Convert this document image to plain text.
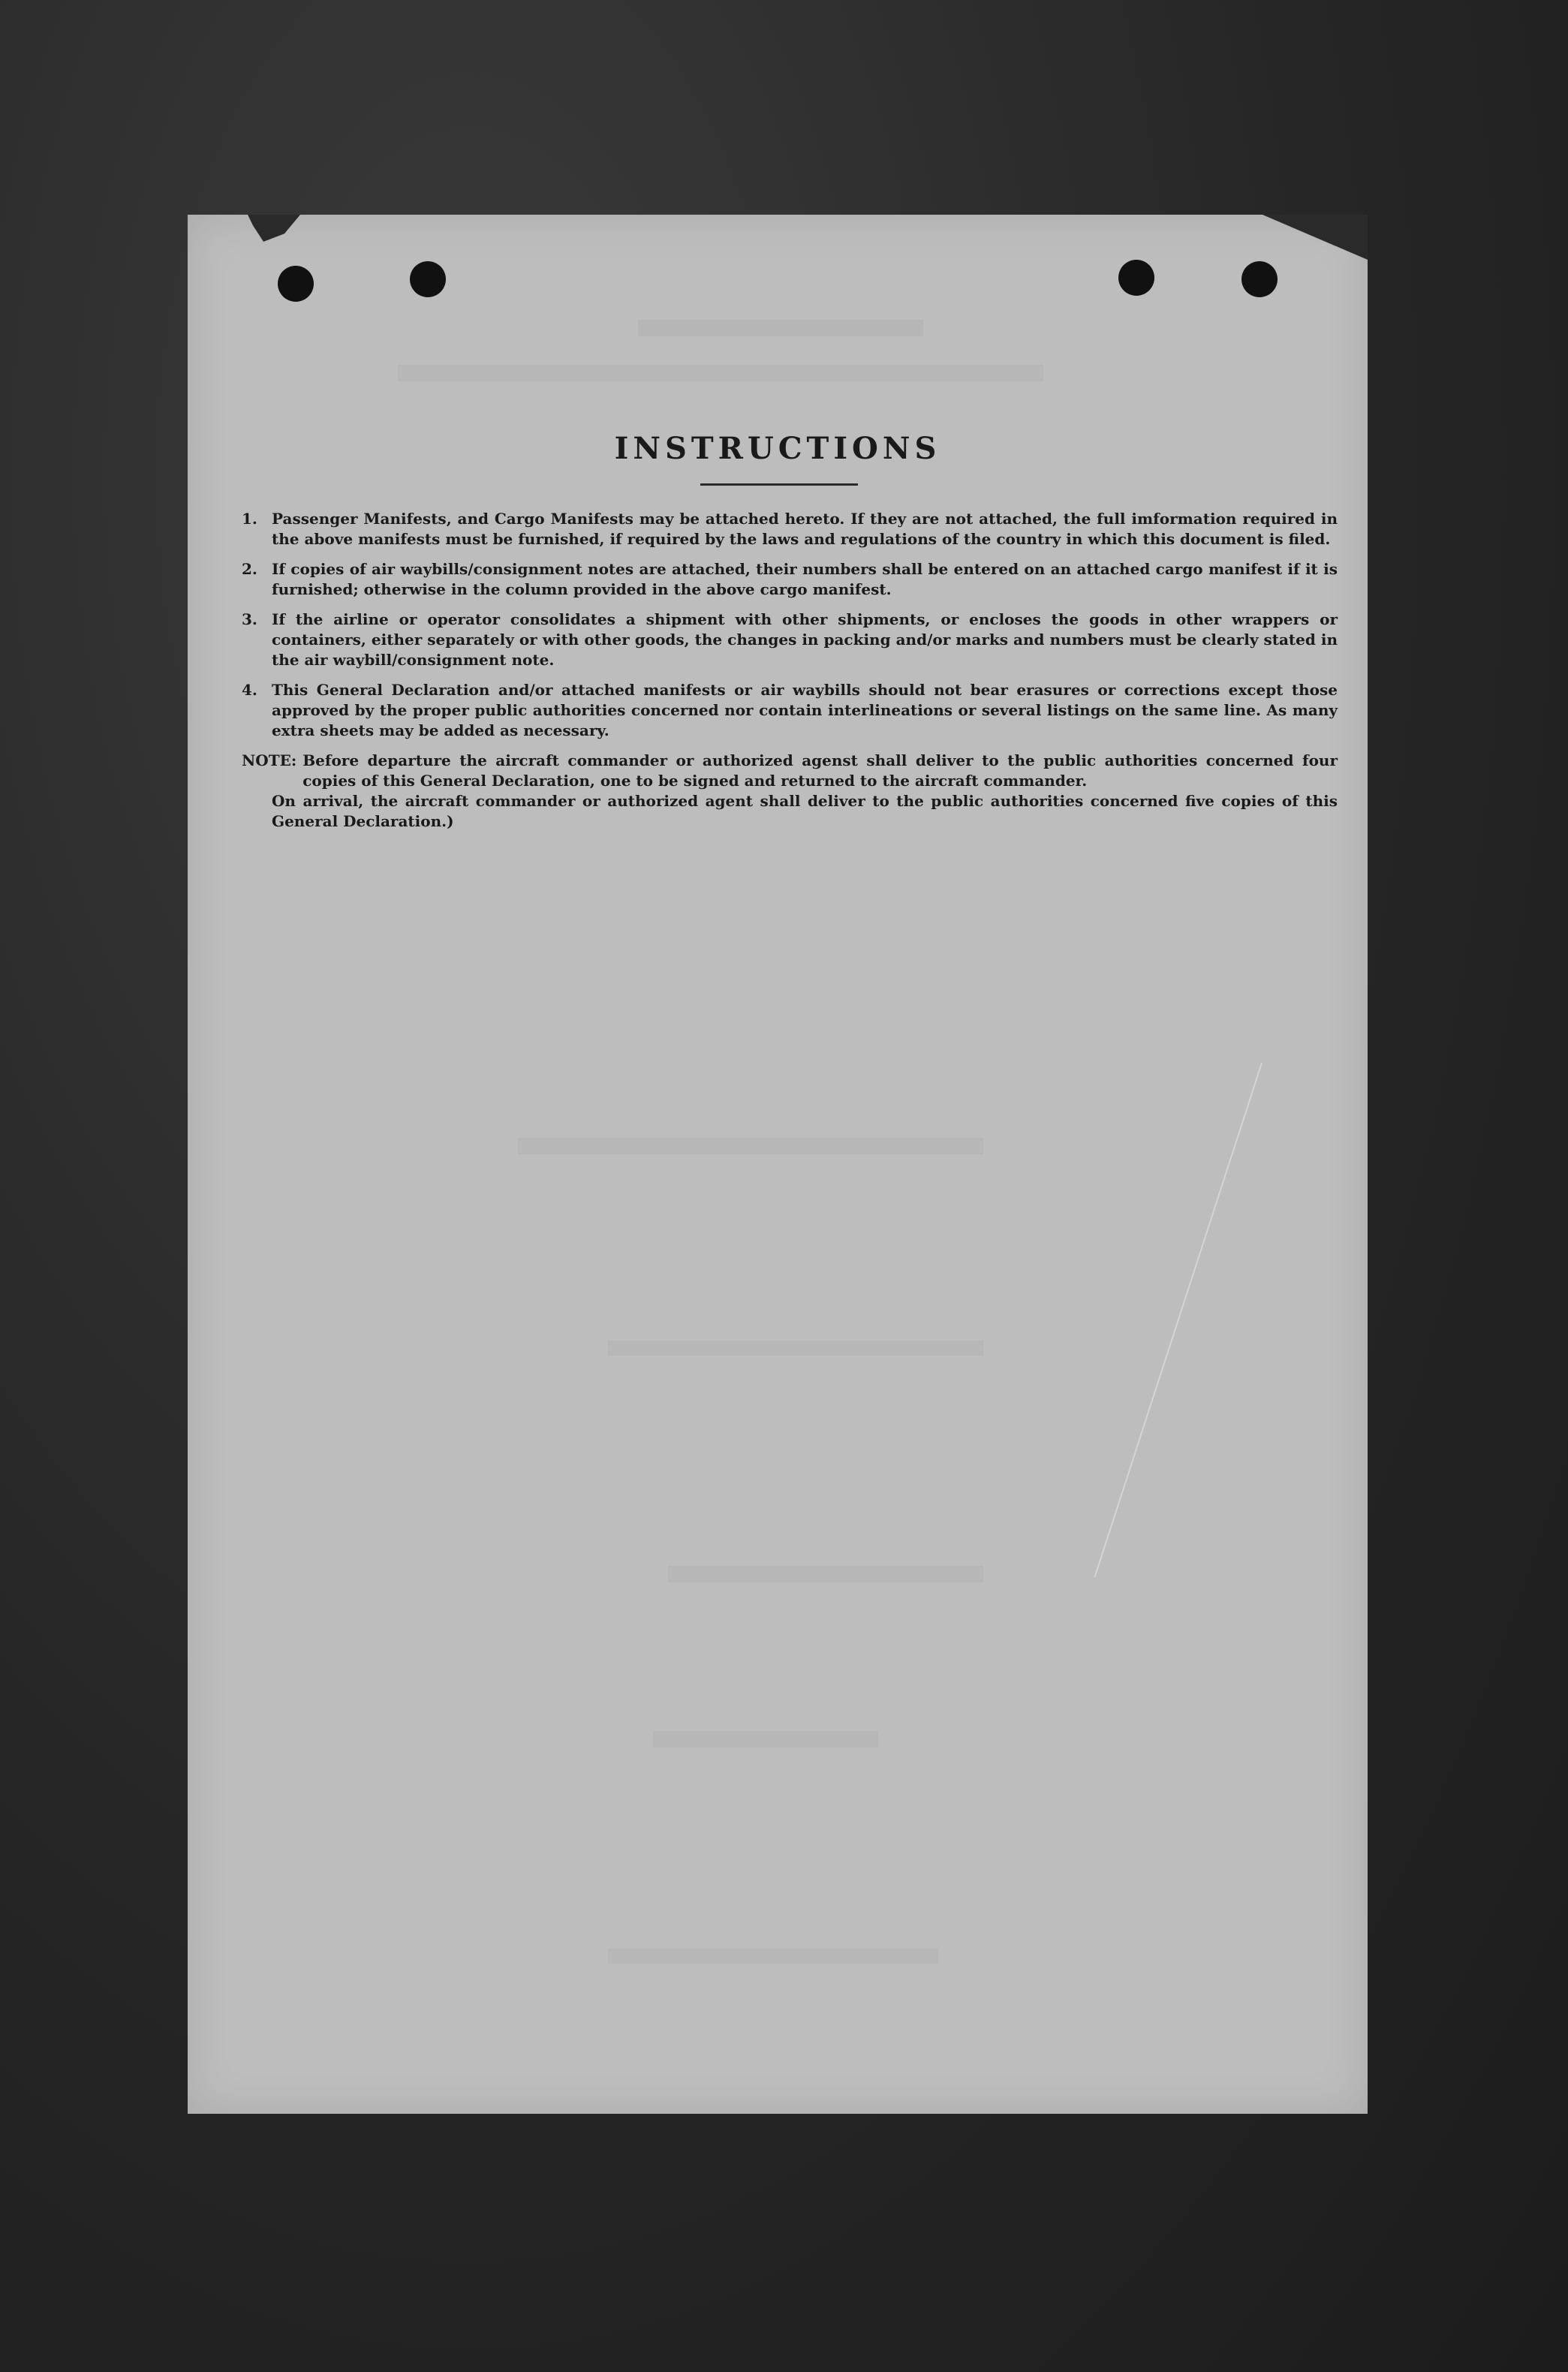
INSTRUCTIONS
1. Passenger Manifests, and Cargo Manifests may be attached hereto. If they are not attached, the full imformation required in the above manifests must be furnished, if required by the laws and regulations of the country in which this document is filed.
2. If copies of air waybills/consignment notes are attached, their numbers shall be entered on an attached cargo manifest if it is furnished; otherwise in the column provided in the above cargo manifest.
3. If the airline or operator consolidates a shipment with other shipments, or encloses the goods in other wrappers or containers, either separately or with other goods, the changes in packing and/or marks and numbers must be clearly stated in the air waybill/consignment note.
4. This General Declaration and/or attached manifests or air waybills should not bear erasures or corrections except those approved by the proper public authorities concerned nor contain interlineations or several listings on the same line. As many extra sheets may be added as necessary.
NOTE: Before departure the aircraft commander or authorized agenst shall deliver to the public authorities concerned four copies of this General Declaration, one to be signed and returned to the aircraft commander.
On arrival, the aircraft commander or authorized agent shall deliver to the public authorities concerned five copies of this General Declaration.)
